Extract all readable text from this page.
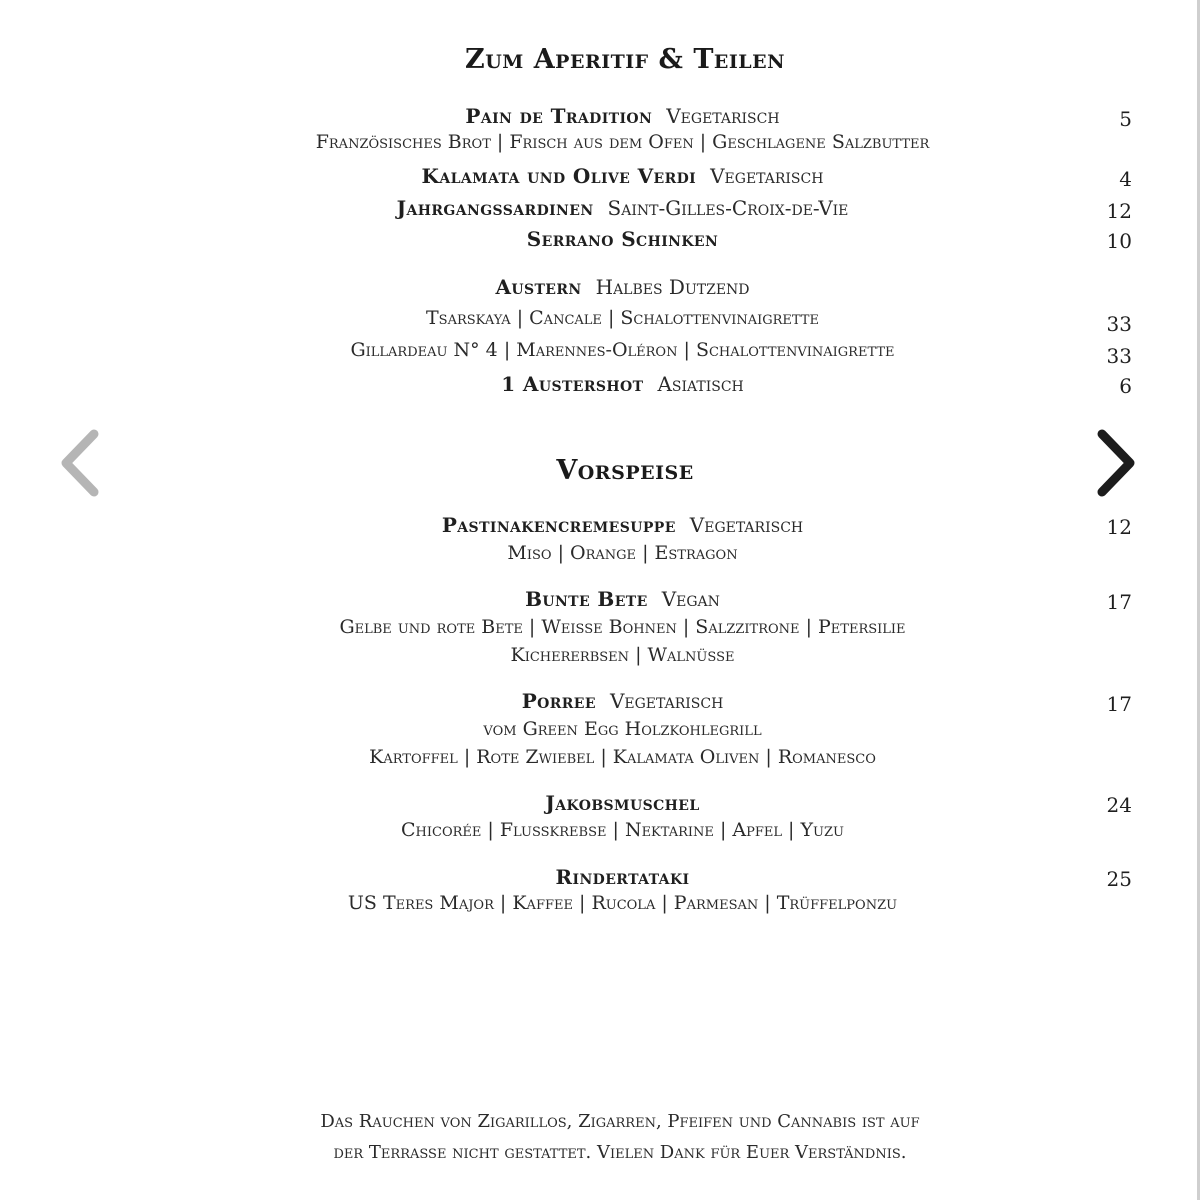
Zum Aperitif & Teilen
Pain de Tradition Vegetarisch	5
Französisches Brot | Frisch aus dem Ofen | Geschlagene Salzbutter
Kalamata und Olive Verdi Vegetarisch	4
Jahrgangssardinen Saint-Gilles-Croix-de-Vie	12
Serrano Schinken	10
Austern Halbes Dutzend
Tsarskaya | Cancale | Schalottenvinaigrette	33
Gillardeau N° 4 | Marennes-Oléron | Schalottenvinaigrette	33
1 Austershot Asiatisch	6
Vorspeise
Pastinakencremesuppe Vegetarisch	12
Miso | Orange | Estragon
Bunte Bete Vegan	17
Gelbe und rote Bete | Weisse Bohnen | Salzzitrone | Petersilie
Kichererbsen | Walnüsse
Porree Vegetarisch	17
vom Green Egg Holzkohlegrill
Kartoffel | Rote Zwiebel | Kalamata Oliven | Romanesco
Jakobsmuschel	24
Chicorée | Flusskrebse | Nektarine | Apfel | Yuzu
Rindertataki	25
US Teres Major | Kaffee | Rucola | Parmesan | Trüffelponzu
Das Rauchen von Zigarillos, Zigarren, Pfeifen und Cannabis ist auf
der Terrasse nicht gestattet. Vielen Dank für Euer Verständnis.
